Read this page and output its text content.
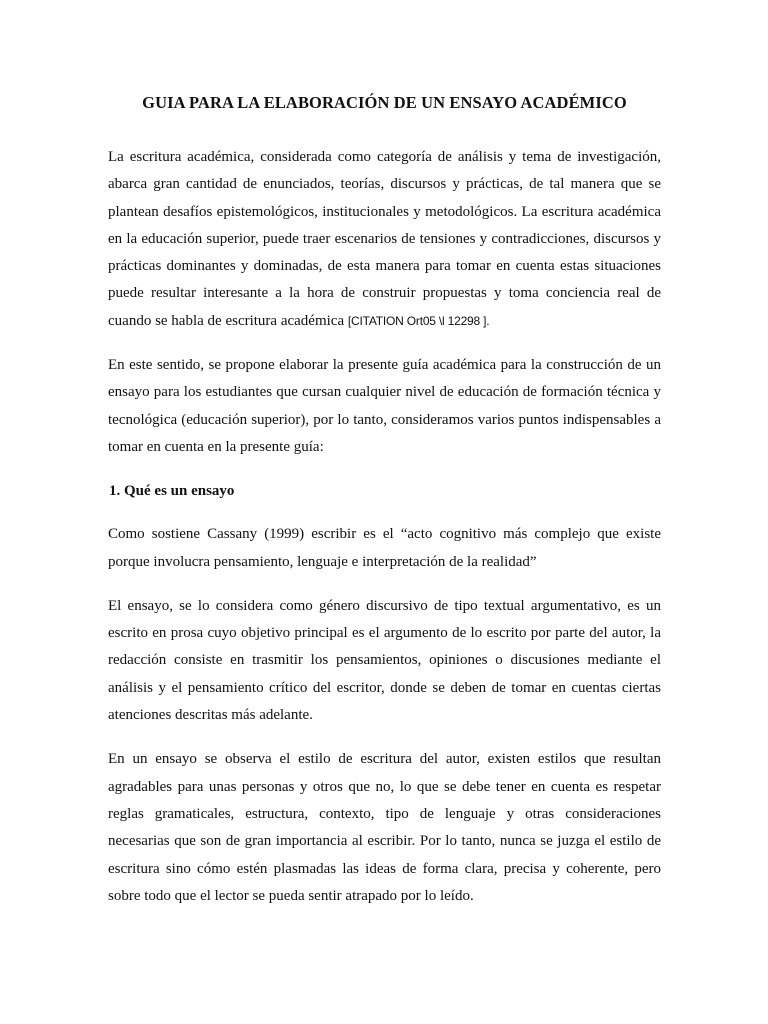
GUIA PARA LA ELABORACIÓN DE UN ENSAYO ACADÉMICO

La escritura académica, considerada como categoría de análisis y tema de investigación, abarca gran cantidad de enunciados, teorías, discursos y prácticas, de tal manera que se plantean desafíos epistemológicos, institucionales y metodológicos. La escritura académica en la educación superior, puede traer escenarios de tensiones y contradicciones, discursos y prácticas dominantes y dominadas, de esta manera para tomar en cuenta estas situaciones puede resultar interesante a la hora de construir propuestas y toma conciencia real de cuando se habla de escritura académica [CITATION Ort05 \l 12298 ].

En este sentido, se propone elaborar la presente guía académica para la construcción de un ensayo para los estudiantes que cursan cualquier nivel de educación de formación técnica y tecnológica (educación superior), por lo tanto, consideramos varios puntos indispensables a tomar en cuenta en la presente guía:

1. Qué es un ensayo

Como sostiene Cassany (1999) escribir es el “acto cognitivo más complejo que existe porque involucra pensamiento, lenguaje e interpretación de la realidad”

El ensayo, se lo considera como género discursivo de tipo textual argumentativo, es un escrito en prosa cuyo objetivo principal es el argumento de lo escrito por parte del autor, la redacción consiste en trasmitir los pensamientos, opiniones o discusiones mediante el análisis y el pensamiento crítico del escritor, donde se deben de tomar en cuentas ciertas atenciones descritas más adelante.

En un ensayo se observa el estilo de escritura del autor, existen estilos que resultan agradables para unas personas y otros que no, lo que se debe tener en cuenta es respetar reglas gramaticales, estructura, contexto, tipo de lenguaje y otras consideraciones necesarias que son de gran importancia al escribir. Por lo tanto, nunca se juzga el estilo de escritura sino cómo estén plasmadas las ideas de forma clara, precisa y coherente, pero sobre todo que el lector se pueda sentir atrapado por lo leído.
